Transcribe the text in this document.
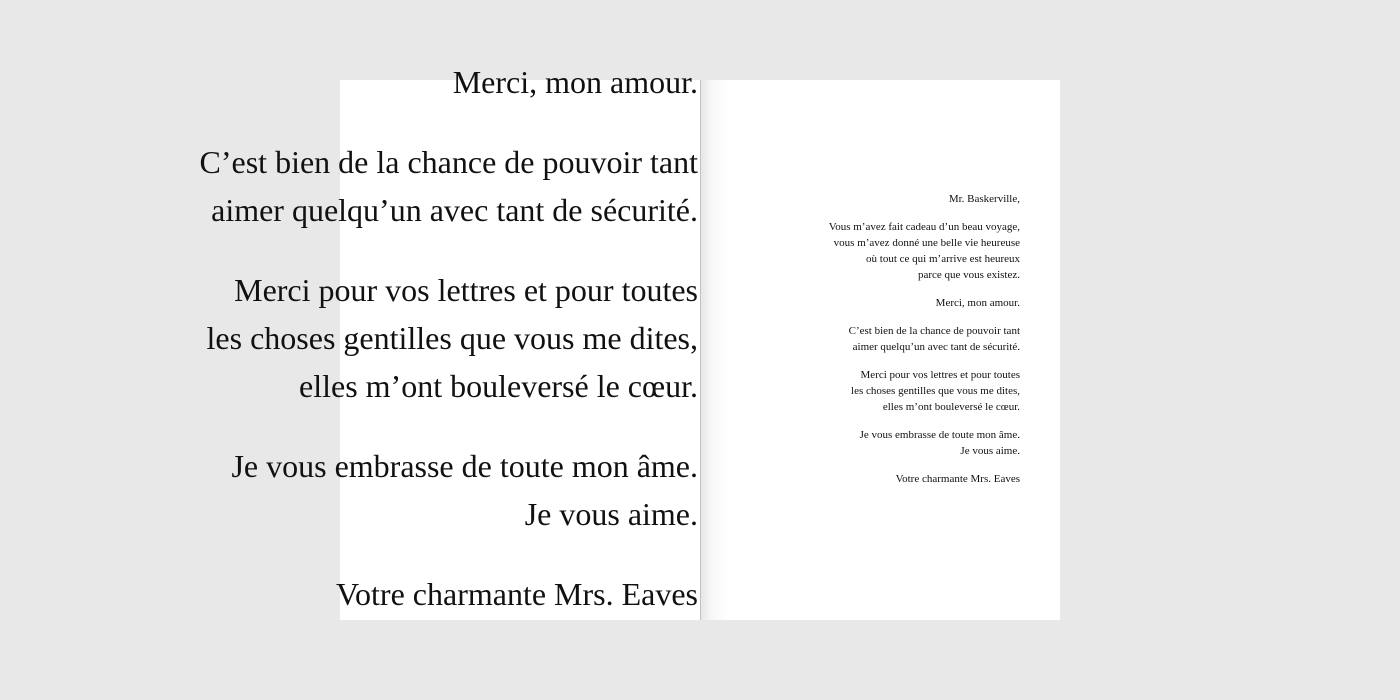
Merci, mon amour.

C’est bien de la chance de pouvoir tant
aimer quelqu’un avec tant de sécurité.

Merci pour vos lettres et pour toutes
les choses gentilles que vous me dites,
elles m’ont bouleversé le cœur.

Je vous embrasse de toute mon âme.
Je vous aime.

Votre charmante Mrs. Eaves

Mr. Baskerville,

Vous m’avez fait cadeau d’un beau voyage,
vous m’avez donné une belle vie heureuse
où tout ce qui m’arrive est heureux
parce que vous existez.

Merci, mon amour.

C’est bien de la chance de pouvoir tant
aimer quelqu’un avec tant de sécurité.

Merci pour vos lettres et pour toutes
les choses gentilles que vous me dites,
elles m’ont bouleversé le cœur.

Je vous embrasse de toute mon âme.
Je vous aime.

Votre charmante Mrs. Eaves
